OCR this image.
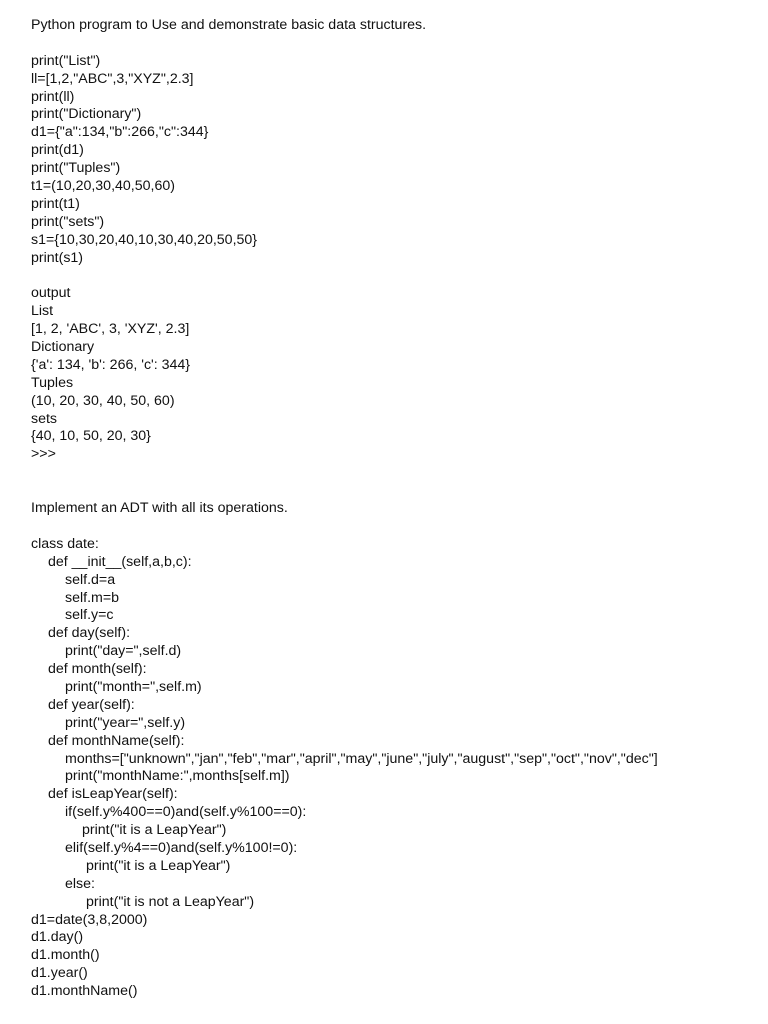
Python program to Use and demonstrate basic data structures.
print("List")
ll=[1,2,"ABC",3,"XYZ",2.3]
print(ll)
print("Dictionary")
d1={"a":134,"b":266,"c":344}
print(d1)
print("Tuples")
t1=(10,20,30,40,50,60)
print(t1)
print("sets")
s1={10,30,20,40,10,30,40,20,50,50}
print(s1)
output
List
[1, 2, 'ABC', 3, 'XYZ', 2.3]
Dictionary
{'a': 134, 'b': 266, 'c': 344}
Tuples
(10, 20, 30, 40, 50, 60)
sets
{40, 10, 50, 20, 30}
>>>
Implement an ADT with all its operations.
class date:
def __init__(self,a,b,c):
self.d=a
self.m=b
self.y=c
def day(self):
print("day=",self.d)
def month(self):
print("month=",self.m)
def year(self):
print("year=",self.y)
def monthName(self):
months=["unknown","jan","feb","mar","april","may","june","july","august","sep","oct","nov","dec"]
print("monthName:",months[self.m])
def isLeapYear(self):
if(self.y%400==0)and(self.y%100==0):
print("it is a LeapYear")
elif(self.y%4==0)and(self.y%100!=0):
print("it is a LeapYear")
else:
print("it is not a LeapYear")
d1=date(3,8,2000)
d1.day()
d1.month()
d1.year()
d1.monthName()
